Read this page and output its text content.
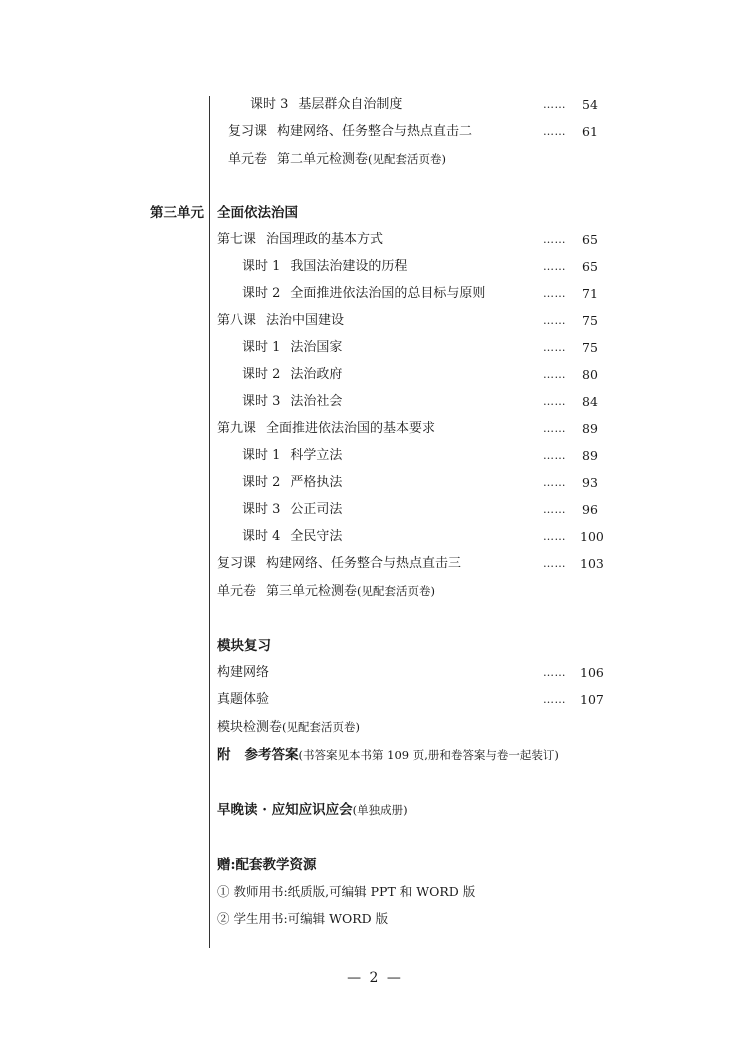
课时 3 基层群众自治制度	…… 54
复习课 构建网络、任务整合与热点直击二	…… 61
单元卷 第二单元检测卷(见配套活页卷)
第三单元 全面依法治国
第七课 治国理政的基本方式	…… 65
课时 1 我国法治建设的历程	…… 65
课时 2 全面推进依法治国的总目标与原则	…… 71
第八课 法治中国建设	…… 75
课时 1 法治国家	…… 75
课时 2 法治政府	…… 80
课时 3 法治社会	…… 84
第九课 全面推进依法治国的基本要求	…… 89
课时 1 科学立法	…… 89
课时 2 严格执法	…… 93
课时 3 公正司法	…… 96
课时 4 全民守法	…… 100
复习课 构建网络、任务整合与热点直击三	…… 103
单元卷 第三单元检测卷(见配套活页卷)
模块复习
构建网络	…… 106
真题体验	…… 107
模块检测卷(见配套活页卷)
附 参考答案(书答案见本书第 109 页,册和卷答案与卷一起装订)
早晚读 · 应知应识应会(单独成册)
赠:配套教学资源
① 教师用书:纸质版,可编辑 PPT 和 WORD 版
② 学生用书:可编辑 WORD 版
— 2 —
